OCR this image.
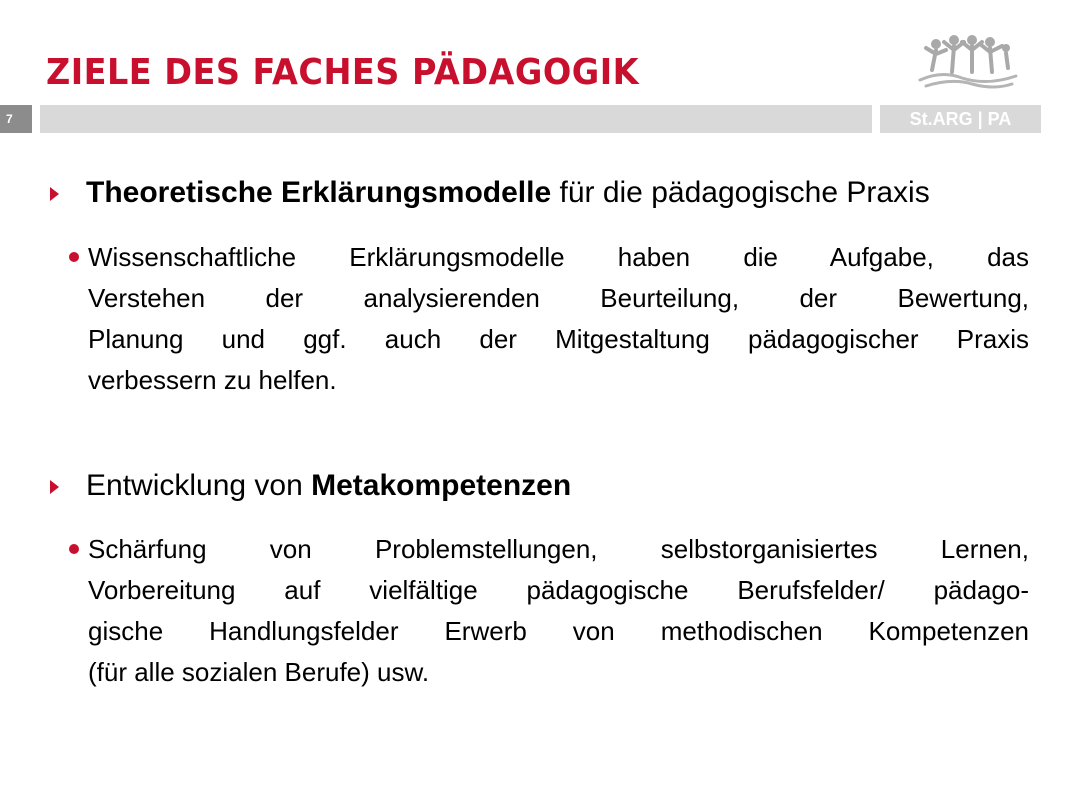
ZIELE DES FACHES PÄDAGOGIK
7	St.ARG | PA
Theoretische Erklärungsmodelle für die pädagogische Praxis
Wissenschaftliche Erklärungsmodelle haben die Aufgabe, das
Verstehen der analysierenden Beurteilung, der Bewertung,
Planung und ggf. auch der Mitgestaltung pädagogischer Praxis
verbessern zu helfen.
Entwicklung von Metakompetenzen
Schärfung von Problemstellungen, selbstorganisiertes Lernen,
Vorbereitung auf vielfältige pädagogische Berufsfelder/ pädago-
gische Handlungsfelder Erwerb von methodischen Kompetenzen
(für alle sozialen Berufe) usw.
